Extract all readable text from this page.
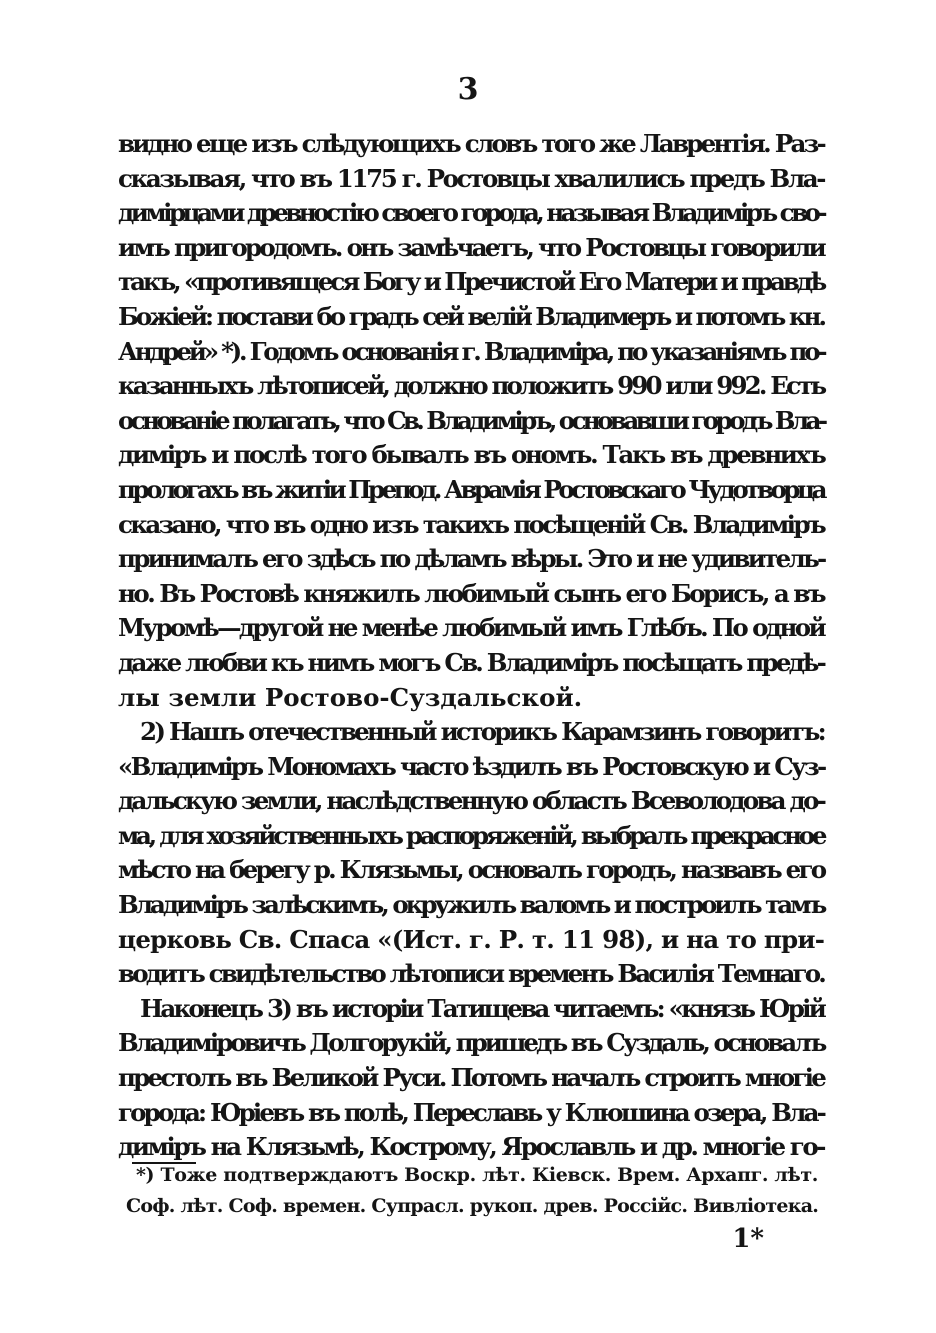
3
видно еще изъ слѣдующихъ словъ того же Лаврентія. Раз-
сказывая, что въ 1175 г. Ростовцы хвалились предъ Вла-
димірцами древностію своего города, называя Владиміръ сво-
имъ пригородомъ. онъ замѣчаетъ, что Ростовцы говорили
такъ, «противящеся Богу и Пречистой Его Матери и правдѣ
Божіей: постави бо градъ сей велій Владимеръ и потомъ кн.
Андрей» *). Годомъ основанія г. Владиміра, по указаніямъ по-
казанныхъ лѣтописей, должно положить 990 или 992. Есть
основаніе полагать, что Св. Владиміръ, основавши городъ Вла-
диміръ и послѣ того бывалъ въ ономъ. Такъ въ древнихъ
прологахъ въ житіи Препод. Аврамія Ростовскаго Чудотворца
сказано, что въ одно изъ такихъ посѣщеній Св. Владиміръ
принималъ его здѣсь по дѣламъ вѣры. Это и не удивитель-
но. Въ Ростовѣ княжилъ любимый сынъ его Борисъ, а въ
Муромѣ—другой не менѣе любимый имъ Глѣбъ. По одной
даже любви къ нимъ могъ Св. Владиміръ посѣщать предѣ-
лы земли Ростово-Суздальской.
2) Нашъ отечественный историкъ Карамзинъ говоритъ:
«Владиміръ Мономахъ часто ѣздилъ въ Ростовскую и Суз-
дальскую земли, наслѣдственную область Всеволодова до-
ма, для хозяйственныхъ распоряженій, выбралъ прекрасное
мѣсто на берегу р. Клязьмы, основалъ городъ, назвавъ его
Владиміръ залѣскимъ, окружилъ валомъ и построилъ тамъ
церковь Св. Спаса «(Ист. г. Р. т. 11 98), и на то при-
водитъ свидѣтельство лѣтописи временъ Василія Темнаго.
Наконецъ 3) въ исторіи Татищева читаемъ: «князь Юрій
Владиміровичъ Долгорукій, пришедъ въ Суздаль, основалъ
престолъ въ Великой Руси. Потомъ началъ строить многіе
города: Юріевъ въ полѣ, Переславь у Клюшина озера, Вла-
диміръ на Клязьмѣ, Кострому, Ярославль и др. многіе го-
*) Тоже подтверждаютъ Воскр. лѣт. Кіевск. Врем. Архапг. лѣт.
Соф. лѣт. Соф. времен. Супрасл. рукоп. древ. Россійс. Вивліотека.
1*
